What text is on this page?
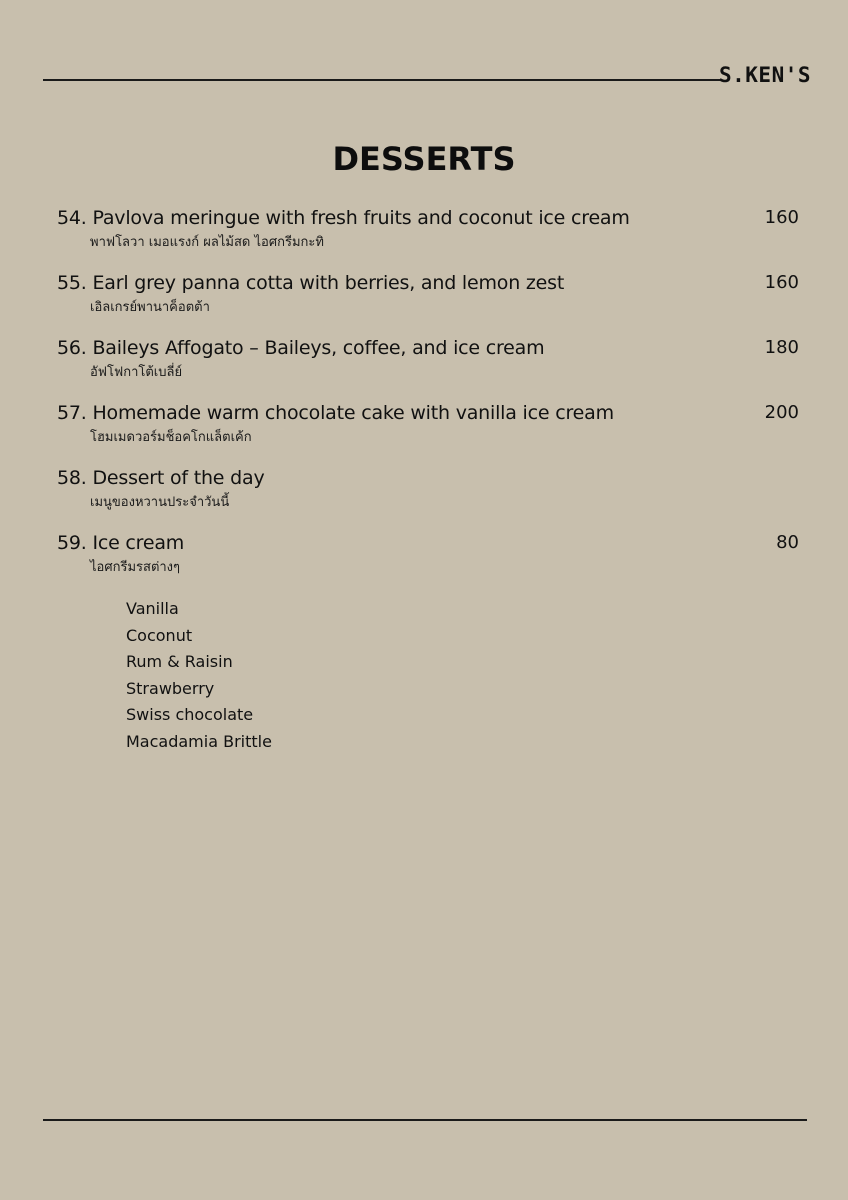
S.KEN'S
DESSERTS
54. Pavlova meringue with fresh fruits and coconut ice cream
พาฟโลวา เมอแรงก์ ผลไม้สด ไอศกรีมกะทิ
160
55. Earl grey panna cotta with berries, and lemon zest
เอิลเกรย์พานาค็อตต้า
160
56. Baileys Affogato – Baileys, coffee, and ice cream
อัฟโฟกาโต้เบลี่ย์
180
57. Homemade warm chocolate cake with vanilla ice cream
โฮมเมดวอร์มช็อคโกแล็ตเค้ก
200
58. Dessert of the day
เมนูของหวานประจำวันนี้
59. Ice cream
ไอศกรีมรสต่างๆ
80
Vanilla
Coconut
Rum & Raisin
Strawberry
Swiss chocolate
Macadamia Brittle
